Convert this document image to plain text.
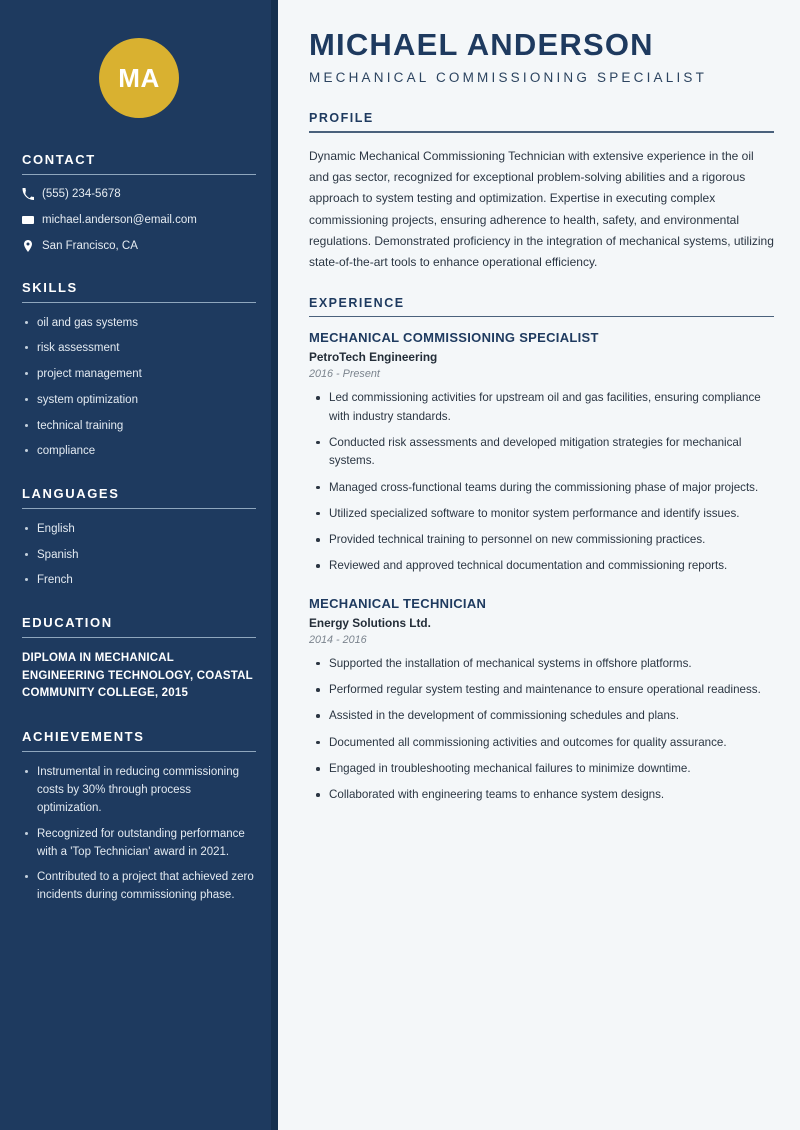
MA
CONTACT
(555) 234-5678
michael.anderson@email.com
San Francisco, CA
SKILLS
oil and gas systems
risk assessment
project management
system optimization
technical training
compliance
LANGUAGES
English
Spanish
French
EDUCATION
DIPLOMA IN MECHANICAL ENGINEERING TECHNOLOGY, COASTAL COMMUNITY COLLEGE, 2015
ACHIEVEMENTS
Instrumental in reducing commissioning costs by 30% through process optimization.
Recognized for outstanding performance with a 'Top Technician' award in 2021.
Contributed to a project that achieved zero incidents during commissioning phase.
MICHAEL ANDERSON
MECHANICAL COMMISSIONING SPECIALIST
PROFILE

Dynamic Mechanical Commissioning Technician with extensive experience in the oil and gas sector, recognized for exceptional problem-solving abilities and a rigorous approach to system testing and optimization. Expertise in executing complex commissioning projects, ensuring adherence to health, safety, and environmental regulations. Demonstrated proficiency in the integration of mechanical systems, utilizing state-of-the-art tools to enhance operational efficiency.

EXPERIENCE
MECHANICAL COMMISSIONING SPECIALIST
PetroTech Engineering
2016 - Present
Led commissioning activities for upstream oil and gas facilities, ensuring compliance with industry standards.
Conducted risk assessments and developed mitigation strategies for mechanical systems.
Managed cross-functional teams during the commissioning phase of major projects.
Utilized specialized software to monitor system performance and identify issues.
Provided technical training to personnel on new commissioning practices.
Reviewed and approved technical documentation and commissioning reports.
MECHANICAL TECHNICIAN
Energy Solutions Ltd.
2014 - 2016
Supported the installation of mechanical systems in offshore platforms.
Performed regular system testing and maintenance to ensure operational readiness.
Assisted in the development of commissioning schedules and plans.
Documented all commissioning activities and outcomes for quality assurance.
Engaged in troubleshooting mechanical failures to minimize downtime.
Collaborated with engineering teams to enhance system designs.
